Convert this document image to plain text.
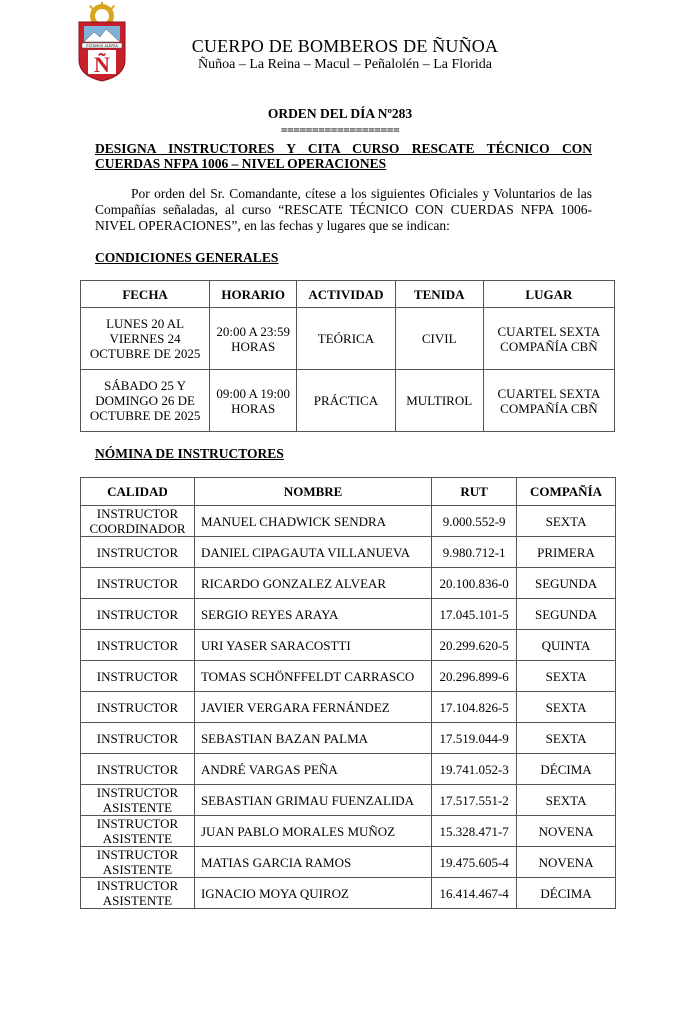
ESTAMOS ALERTA
Ñ
CUERPO DE BOMBEROS DE ÑUÑOA
Ñuñoa – La Reina – Macul – Peñalolén – La Florida
ORDEN DEL DÍA Nº283
===================
DESIGNA INSTRUCTORES Y CITA CURSO RESCATE TÉCNICO CON CUERDAS NFPA 1006 – NIVEL OPERACIONES
Por orden del Sr. Comandante, cítese a los siguientes Oficiales y Voluntarios de las Compañías señaladas, al curso “RESCATE TÉCNICO CON CUERDAS NFPA 1006-NIVEL OPERACIONES”, en las fechas y lugares que se indican:
CONDICIONES GENERALES
FECHA	HORARIO	ACTIVIDAD	TENIDA	LUGAR
LUNES 20 AL VIERNES 24 OCTUBRE DE 2025	20:00 A 23:59 HORAS	TEÓRICA	CIVIL	CUARTEL SEXTA COMPAÑÍA CBÑ
SÁBADO 25 Y DOMINGO 26 DE OCTUBRE DE 2025	09:00 A 19:00 HORAS	PRÁCTICA	MULTIROL	CUARTEL SEXTA COMPAÑÍA CBÑ
NÓMINA DE INSTRUCTORES
CALIDAD	NOMBRE	RUT	COMPAÑÍA
INSTRUCTOR COORDINADOR	MANUEL CHADWICK SENDRA	9.000.552-9	SEXTA
INSTRUCTOR	DANIEL CIPAGAUTA VILLANUEVA	9.980.712-1	PRIMERA
INSTRUCTOR	RICARDO GONZALEZ ALVEAR	20.100.836-0	SEGUNDA
INSTRUCTOR	SERGIO REYES ARAYA	17.045.101-5	SEGUNDA
INSTRUCTOR	URI YASER SARACOSTTI	20.299.620-5	QUINTA
INSTRUCTOR	TOMAS SCHÖNFFELDT CARRASCO	20.296.899-6	SEXTA
INSTRUCTOR	JAVIER VERGARA FERNÁNDEZ	17.104.826-5	SEXTA
INSTRUCTOR	SEBASTIAN BAZAN PALMA	17.519.044-9	SEXTA
INSTRUCTOR	ANDRÉ VARGAS PEÑA	19.741.052-3	DÉCIMA
INSTRUCTOR ASISTENTE	SEBASTIAN GRIMAU FUENZALIDA	17.517.551-2	SEXTA
INSTRUCTOR ASISTENTE	JUAN PABLO MORALES MUÑOZ	15.328.471-7	NOVENA
INSTRUCTOR ASISTENTE	MATIAS GARCIA RAMOS	19.475.605-4	NOVENA
INSTRUCTOR ASISTENTE	IGNACIO MOYA QUIROZ	16.414.467-4	DÉCIMA
